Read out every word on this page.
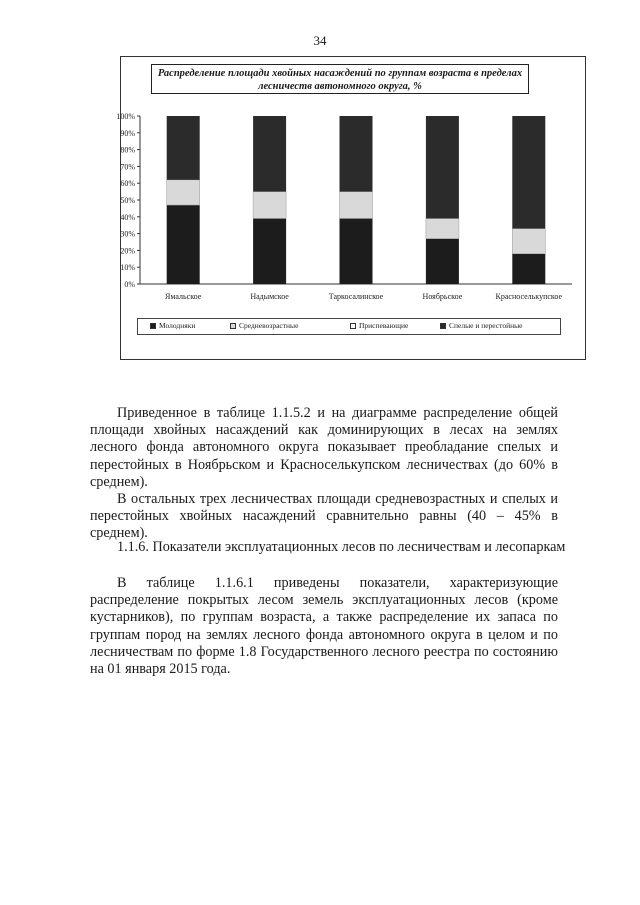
34
Распределение площади хвойных насаждений по группам возраста в пределах лесничеств автономного округа, %
0%
10%
20%
30%
40%
50%
60%
70%
80%
90%
100%
Ямальское	Надымское	Таркосалинское	Ноябрьское	Красноселькупское
Молодняки	Средневозрастные	Приспевающие	Спелые и перестойные

Приведенное в таблице 1.1.5.2 и на диаграмме распределение общей площади хвойных насаждений как доминирующих в лесах на землях лесного фонда автономного округа показывает преобладание спелых и перестойных в Ноябрьском и Красноселькупском лесничествах (до 60% в среднем).

В остальных трех лесничествах площади средневозрастных и спелых и перестойных хвойных насаждений сравнительно равны (40 – 45% в среднем).

1.1.6. Показатели эксплуатационных лесов по лесничествам и лесопаркам

В таблице 1.1.6.1 приведены показатели, характеризующие распределение покрытых лесом земель эксплуатационных лесов (кроме кустарников), по группам возраста, а также распределение их запаса по группам пород на землях лесного фонда автономного округа в целом и по лесничествам по форме 1.8 Государственного лесного реестра по состоянию на 01 января 2015 года.
